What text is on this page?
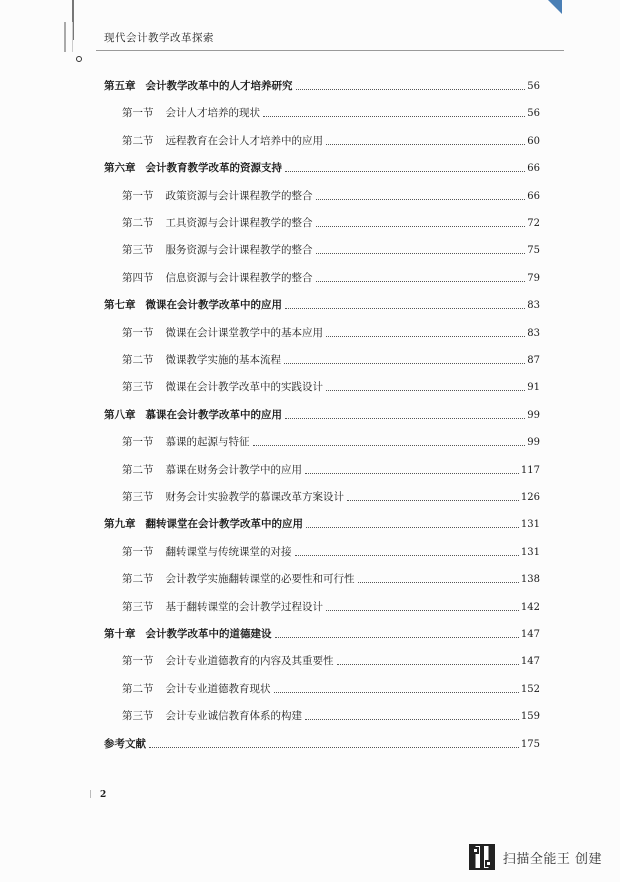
现代会计教学改革探索
第五章 会计教学改革中的人才培养研究	56
第一节 会计人才培养的现状	56
第二节 远程教育在会计人才培养中的应用	60
第六章 会计教育教学改革的资源支持	66
第一节 政策资源与会计课程教学的整合	66
第二节 工具资源与会计课程教学的整合	72
第三节 服务资源与会计课程教学的整合	75
第四节 信息资源与会计课程教学的整合	79
第七章 微课在会计教学改革中的应用	83
第一节 微课在会计课堂教学中的基本应用	83
第二节 微课教学实施的基本流程	87
第三节 微课在会计教学改革中的实践设计	91
第八章 慕课在会计教学改革中的应用	99
第一节 慕课的起源与特征	99
第二节 慕课在财务会计教学中的应用	117
第三节 财务会计实验教学的慕课改革方案设计	126
第九章 翻转课堂在会计教学改革中的应用	131
第一节 翻转课堂与传统课堂的对接	131
第二节 会计教学实施翻转课堂的必要性和可行性	138
第三节 基于翻转课堂的会计教学过程设计	142
第十章 会计教学改革中的道德建设	147
第一节 会计专业道德教育的内容及其重要性	147
第二节 会计专业道德教育现状	152
第三节 会计专业诚信教育体系的构建	159
参考文献	175
2
扫描全能王 创建
